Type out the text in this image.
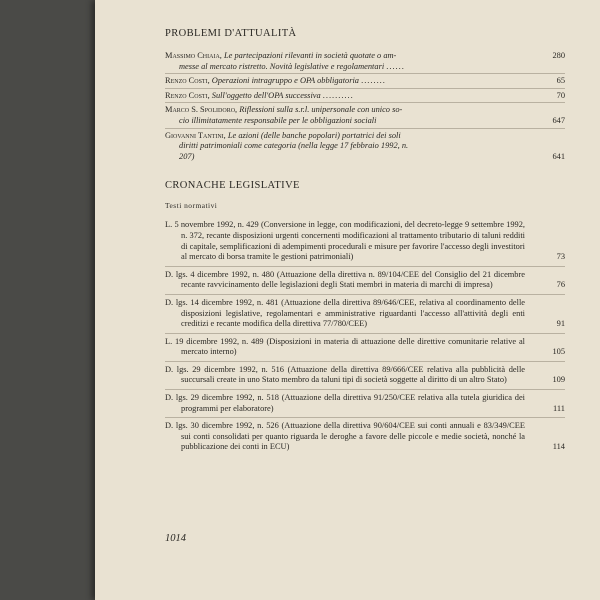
PROBLEMI D'ATTUALITÀ
Massimo Chiaia, Le partecipazioni rilevanti in società quotate o am-
messe al mercato ristretto. Novità legislative e regolamentari ......
280
Renzo Costi, Operazioni intragruppo e OPA obbligatoria ........	65
Renzo Costi, Sull'oggetto dell'OPA successiva ..........	70
Marco S. Spolidoro, Riflessioni sulla s.r.l. unipersonale con unico so-
cio illimitatamente responsabile per le obbligazioni sociali	647
Giovanni Tantini, Le azioni (delle banche popolari) portatrici dei soli
diritti patrimoniali come categoria (nella legge 17 febbraio 1992, n.
207)	641
CRONACHE LEGISLATIVE
Testi normativi
L. 5 novembre 1992, n. 429 (Conversione in legge, con modificazioni, del decreto-legge 9 settembre 1992, n. 372, recante disposizioni urgenti concernenti modificazioni al trattamento tributario di taluni redditi di capitale, semplificazioni di adempimenti procedurali e misure per favorire l'accesso degli investitori al mercato di borsa tramite le gestioni patrimoniali)	73
D. lgs. 4 dicembre 1992, n. 480 (Attuazione della direttiva n. 89/104/CEE del Consiglio del 21 dicembre recante ravvicinamento delle legislazioni degli Stati membri in materia di marchi di impresa)	76
D. lgs. 14 dicembre 1992, n. 481 (Attuazione della direttiva 89/646/CEE, relativa al coordinamento delle disposizioni legislative, regolamentari e amministrative riguardanti l'accesso all'attività degli enti creditizi e recante modifica della direttiva 77/780/CEE)	91
L. 19 dicembre 1992, n. 489 (Disposizioni in materia di attuazione delle direttive comunitarie relative al mercato interno)	105
D. lgs. 29 dicembre 1992, n. 516 (Attuazione della direttiva 89/666/CEE relativa alla pubblicità delle succursali create in uno Stato membro da taluni tipi di società soggette al diritto di un altro Stato)	109
D. lgs. 29 dicembre 1992, n. 518 (Attuazione della direttiva 91/250/CEE relativa alla tutela giuridica dei programmi per elaboratore)	111
D. lgs. 30 dicembre 1992, n. 526 (Attuazione della direttiva 90/604/CEE sui conti annuali e 83/349/CEE sui conti consolidati per quanto riguarda le deroghe a favore delle piccole e medie società, nonché la pubblicazione dei conti in ECU)	114
1014
